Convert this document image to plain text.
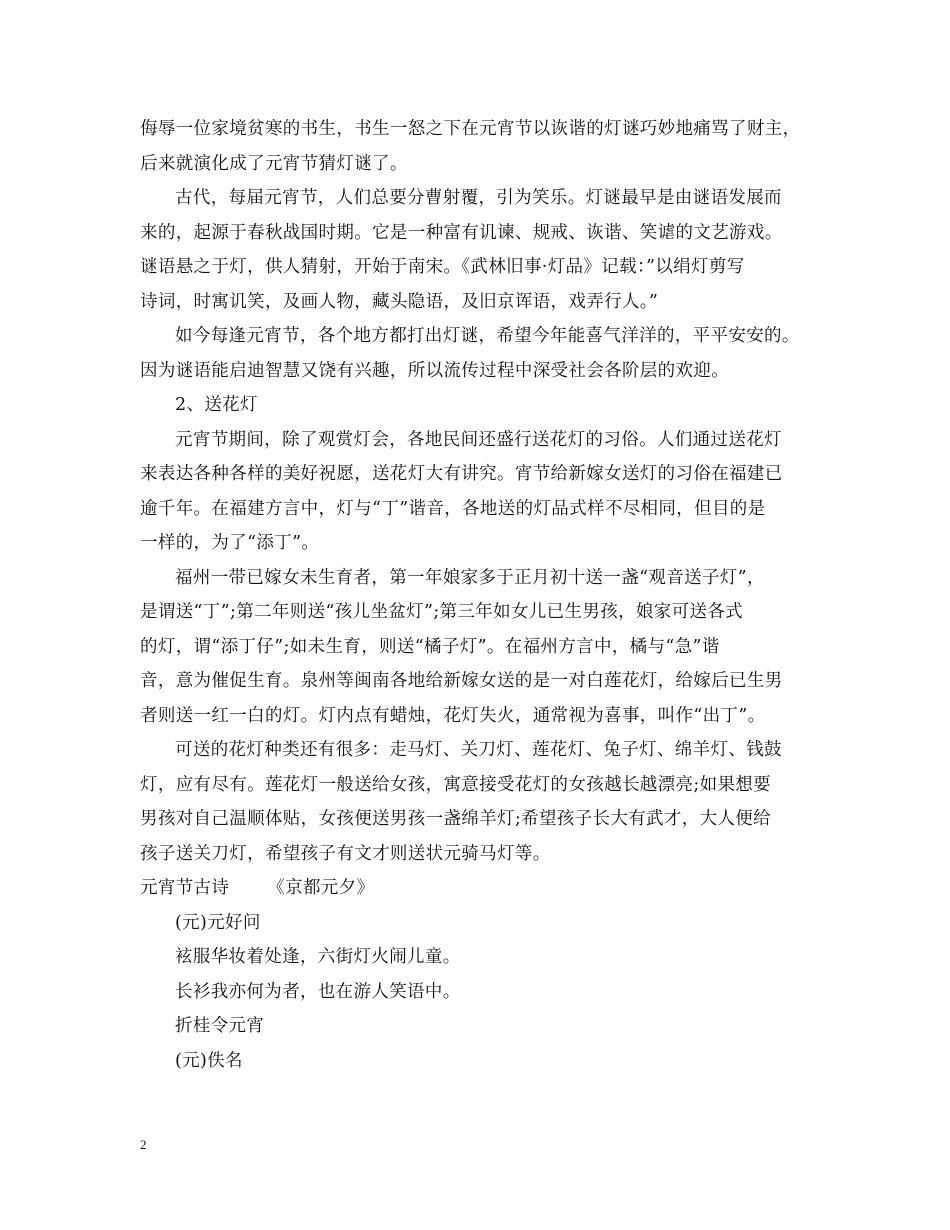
侮辱一位家境贫寒的书生，书生一怒之下在元宵节以诙谐的灯谜巧妙地痛骂了财主，
后来就演化成了元宵节猜灯谜了。
古代，每届元宵节，人们总要分曹射覆，引为笑乐。灯谜最早是由谜语发展而
来的，起源于春秋战国时期。它是一种富有讥谏、规戒、诙谐、笑谑的文艺游戏。
谜语悬之于灯，供人猜射，开始于南宋。《武林旧事·灯品》记载：”以绢灯剪写
诗词，时寓讥笑，及画人物，藏头隐语，及旧京诨语，戏弄行人。”
如今每逢元宵节，各个地方都打出灯谜，希望今年能喜气洋洋的，平平安安的。
因为谜语能启迪智慧又饶有兴趣，所以流传过程中深受社会各阶层的欢迎。
2、送花灯
元宵节期间，除了观赏灯会，各地民间还盛行送花灯的习俗。人们通过送花灯
来表达各种各样的美好祝愿，送花灯大有讲究。宵节给新嫁女送灯的习俗在福建已
逾千年。在福建方言中，灯与“丁”谐音，各地送的灯品式样不尽相同，但目的是
一样的，为了“添丁”。
福州一带已嫁女未生育者，第一年娘家多于正月初十送一盏“观音送子灯”，
是谓送“丁”;第二年则送“孩儿坐盆灯”;第三年如女儿已生男孩，娘家可送各式
的灯，谓“添丁仔”;如未生育，则送“橘子灯”。在福州方言中，橘与“急”谐
音，意为催促生育。泉州等闽南各地给新嫁女送的是一对白莲花灯，给嫁后已生男
者则送一红一白的灯。灯内点有蜡烛，花灯失火，通常视为喜事，叫作“出丁”。
可送的花灯种类还有很多：走马灯、关刀灯、莲花灯、兔子灯、绵羊灯、钱鼓
灯，应有尽有。莲花灯一般送给女孩，寓意接受花灯的女孩越长越漂亮;如果想要
男孩对自己温顺体贴，女孩便送男孩一盏绵羊灯;希望孩子长大有武才，大人便给
孩子送关刀灯，希望孩子有文才则送状元骑马灯等。
元宵节古诗 《京都元夕》
(元)元好问
袨服华妆着处逢，六街灯火闹儿童。
长衫我亦何为者，也在游人笑语中。
折桂令元宵
(元)佚名
2
